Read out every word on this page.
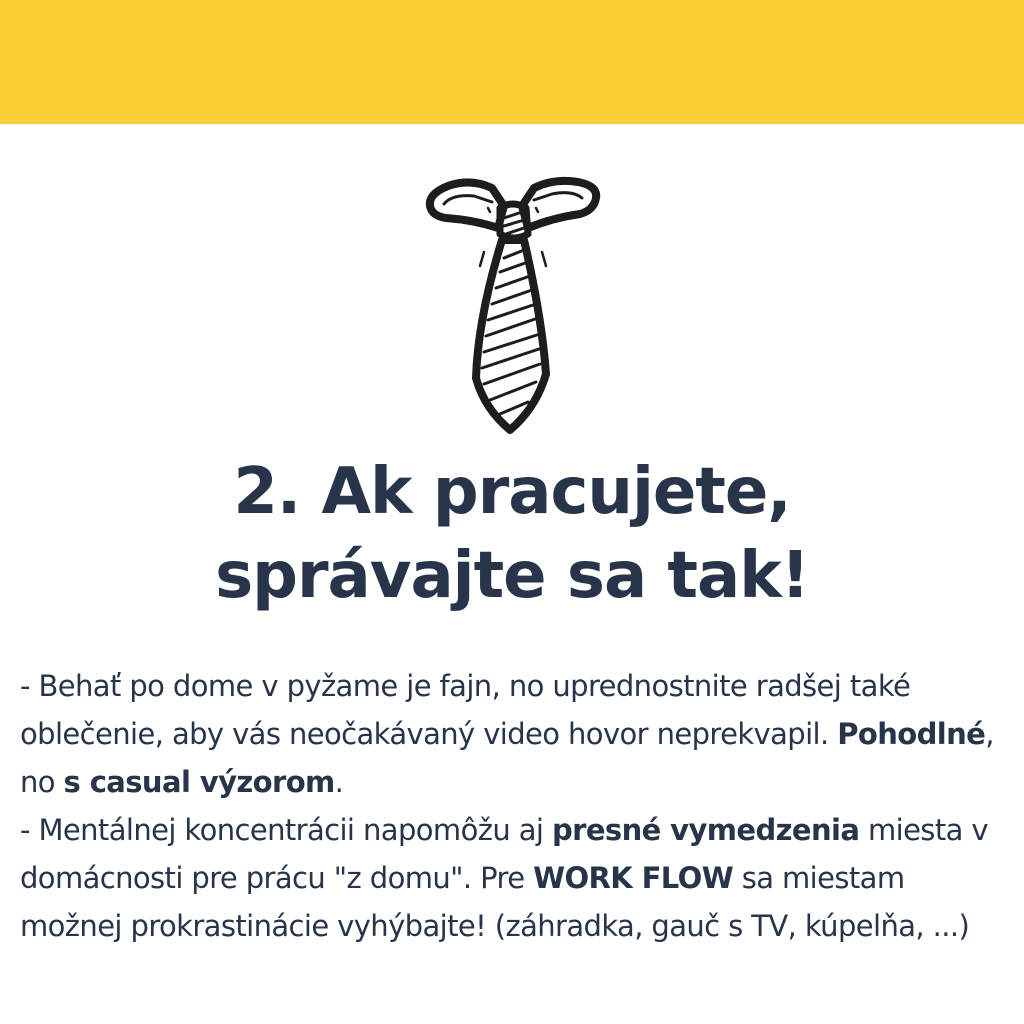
2. Ak pracujete,
správajte sa tak!

- Behať po dome v pyžame je fajn, no uprednostnite radšej také oblečenie, aby vás neočakávaný video hovor neprekvapil. Pohodlné, no s casual výzorom.

- Mentálnej koncentrácii napomôžu aj presné vymedzenia miesta v domácnosti pre prácu "z domu". Pre WORK FLOW sa miestam možnej prokrastinácie vyhýbajte! (záhradka, gauč s TV, kúpelňa, ...)
